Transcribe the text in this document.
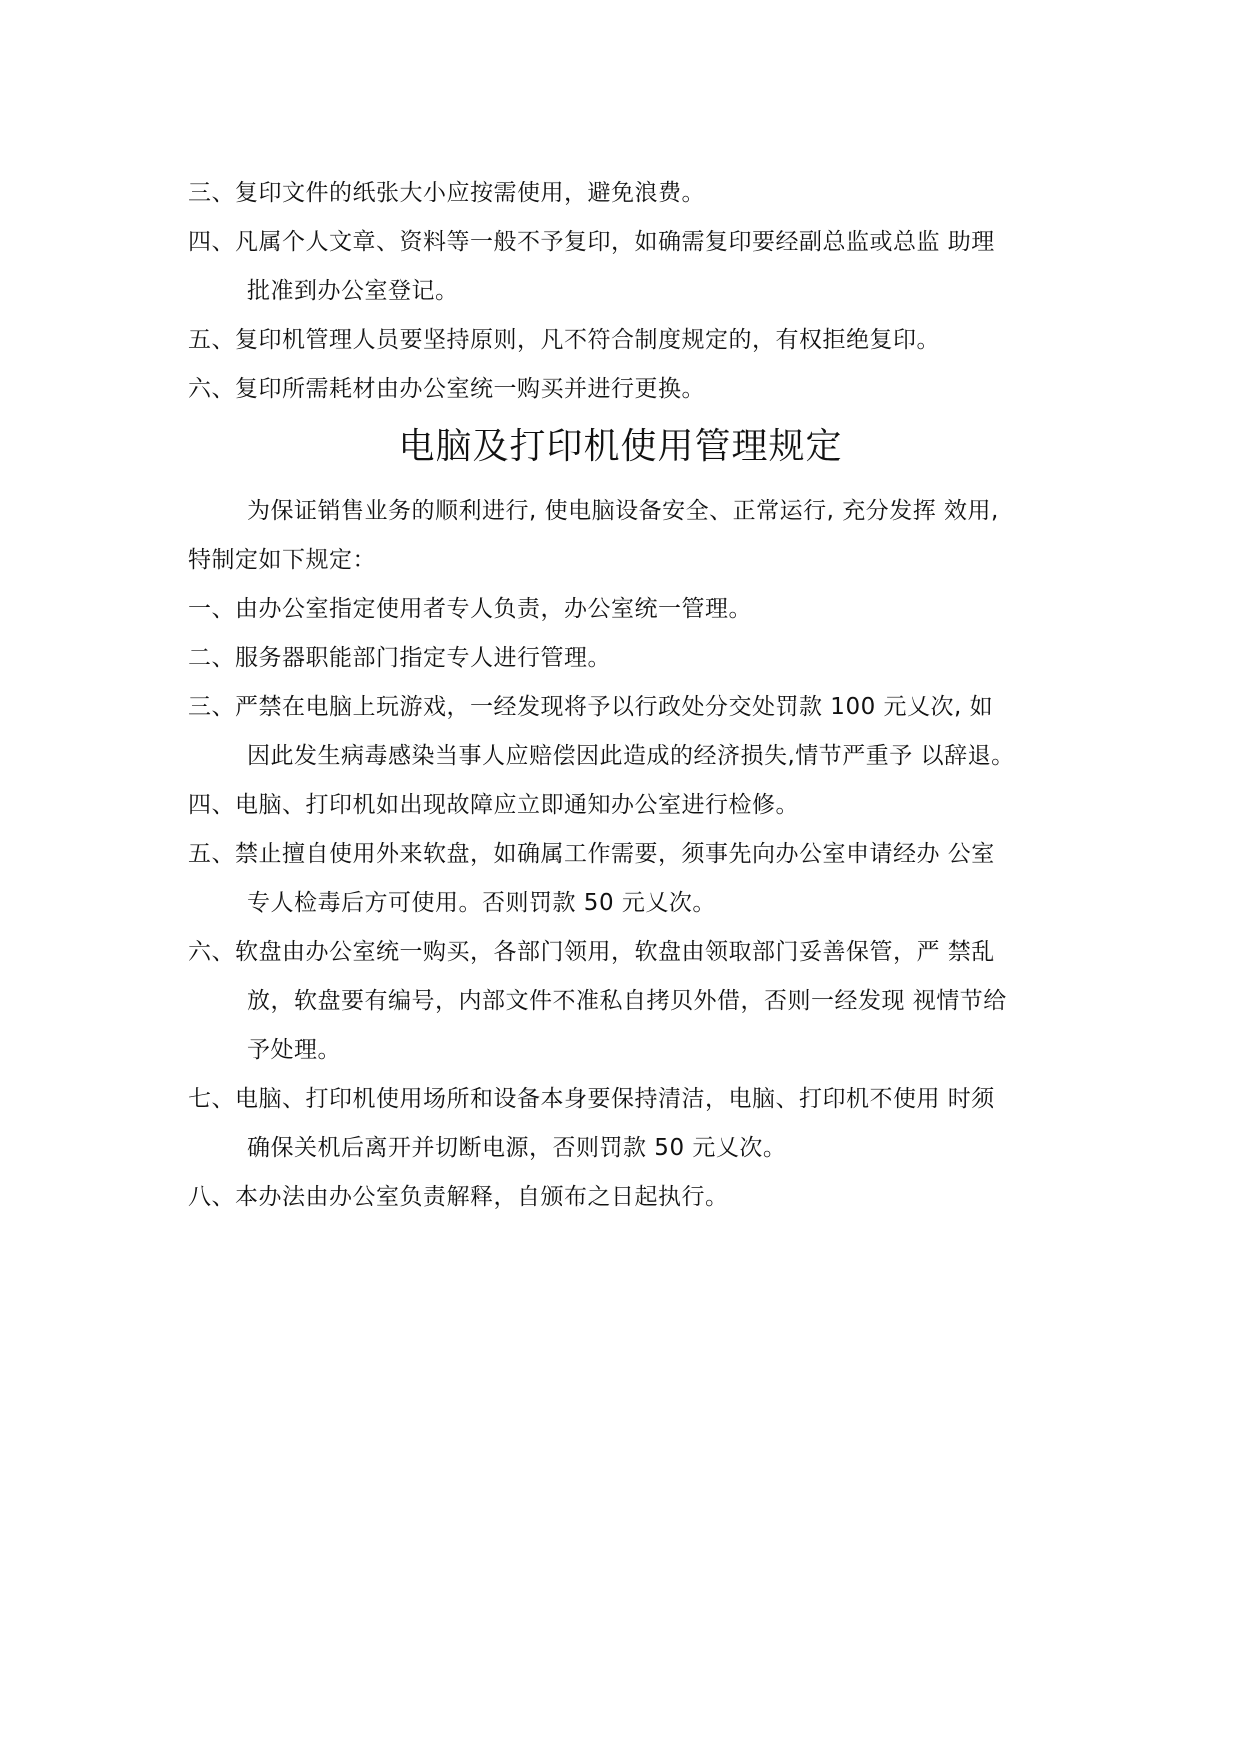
三、复印文件的纸张大小应按需使用，避免浪费。
四、凡属个人文章、资料等一般不予复印，如确需复印要经副总监或总监 助理
批准到办公室登记。
五、复印机管理人员要坚持原则，凡不符合制度规定的，有权拒绝复印。
六、复印所需耗材由办公室统一购买并进行更换。
电脑及打印机使用管理规定
为保证销售业务的顺利进行, 使电脑设备安全、正常运行, 充分发挥 效用,
特制定如下规定：
一、由办公室指定使用者专人负责，办公室统一管理。
二、服务器职能部门指定专人进行管理。
三、严禁在电脑上玩游戏，一经发现将予以行政处分交处罚款 100 元乂次, 如
因此发生病毒感染当事人应赔偿因此造成的经济损失,情节严重予 以辞退。
四、电脑、打印机如出现故障应立即通知办公室进行检修。
五、禁止擅自使用外来软盘，如确属工作需要，须事先向办公室申请经办 公室
专人检毒后方可使用。否则罚款 50 元乂次。
六、软盘由办公室统一购买，各部门领用，软盘由领取部门妥善保管，严 禁乱
放，软盘要有编号，内部文件不准私自拷贝外借，否则一经发现 视情节给
予处理。
七、电脑、打印机使用场所和设备本身要保持清洁，电脑、打印机不使用 时须
确保关机后离开并切断电源，否则罚款 50 元乂次。
八、本办法由办公室负责解释，自颁布之日起执行。
